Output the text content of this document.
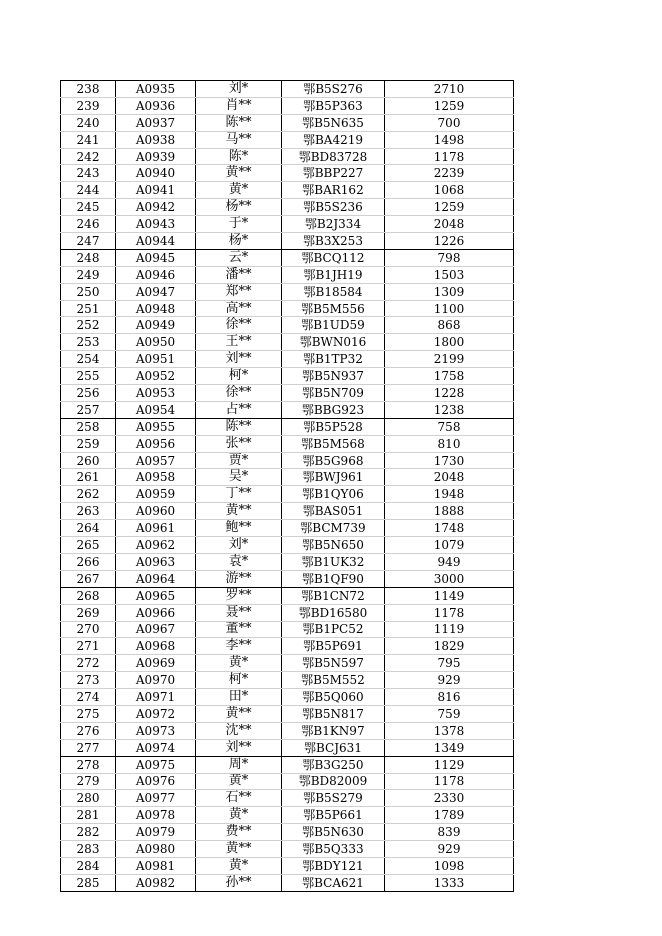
238	A0935	刘*	鄂B5S276	2710
239	A0936	肖**	鄂B5P363	1259
240	A0937	陈**	鄂B5N635	700
241	A0938	马**	鄂BA4219	1498
242	A0939	陈*	鄂BD83728	1178
243	A0940	黄**	鄂BBP227	2239
244	A0941	黄*	鄂BAR162	1068
245	A0942	杨**	鄂B5S236	1259
246	A0943	于*	鄂B2J334	2048
247	A0944	杨*	鄂B3X253	1226
248	A0945	云*	鄂BCQ112	798
249	A0946	潘**	鄂B1JH19	1503
250	A0947	郑**	鄂B18584	1309
251	A0948	高**	鄂B5M556	1100
252	A0949	徐**	鄂B1UD59	868
253	A0950	王**	鄂BWN016	1800
254	A0951	刘**	鄂B1TP32	2199
255	A0952	柯*	鄂B5N937	1758
256	A0953	徐**	鄂B5N709	1228
257	A0954	占**	鄂BBG923	1238
258	A0955	陈**	鄂B5P528	758
259	A0956	张**	鄂B5M568	810
260	A0957	贾*	鄂B5G968	1730
261	A0958	吴*	鄂BWJ961	2048
262	A0959	丁**	鄂B1QY06	1948
263	A0960	黄**	鄂BAS051	1888
264	A0961	鲍**	鄂BCM739	1748
265	A0962	刘*	鄂B5N650	1079
266	A0963	袁*	鄂B1UK32	949
267	A0964	游**	鄂B1QF90	3000
268	A0965	罗**	鄂B1CN72	1149
269	A0966	聂**	鄂BD16580	1178
270	A0967	董**	鄂B1PC52	1119
271	A0968	李**	鄂B5P691	1829
272	A0969	黄*	鄂B5N597	795
273	A0970	柯*	鄂B5M552	929
274	A0971	田*	鄂B5Q060	816
275	A0972	黄**	鄂B5N817	759
276	A0973	沈**	鄂B1KN97	1378
277	A0974	刘**	鄂BCJ631	1349
278	A0975	周*	鄂B3G250	1129
279	A0976	黄*	鄂BD82009	1178
280	A0977	石**	鄂B5S279	2330
281	A0978	黄*	鄂B5P661	1789
282	A0979	费**	鄂B5N630	839
283	A0980	黄**	鄂B5Q333	929
284	A0981	黄*	鄂BDY121	1098
285	A0982	孙**	鄂BCA621	1333
